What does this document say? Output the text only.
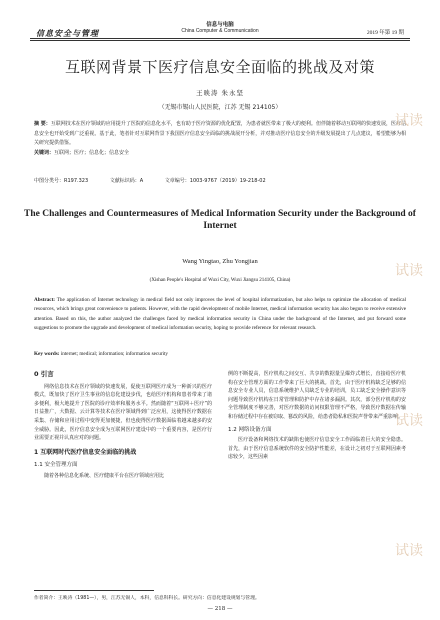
信息安全与管理
信息与电脑
China Computer & Communication	2019 年第 19 期
互联网背景下医疗信息安全面临的挑战及对策
王映涛 朱永坚
（无锡市锡山人民医院，江苏 无锡 214105）
摘 要：互联网技术在医疗领域的应用提升了医院的信息化水平，也有助于医疗资源的优化配置，为患者就医带来了极大的便利。但伴随着移动互联网的快速发展，医疗信息安全也开始受到广泛重视。基于此，笔者针对互联网背景下我国医疗信息安全面临的挑战展开分析，并对推动医疗信息安全的升级发展提出了几点建议，希望能够为相关研究提供借鉴。
关键词：互联网；医疗；信息化；信息安全
中图分类号：R197.323	文献标识码：A	文章编号：1003-9767（2019）19-218-02
The Challenges and Countermeasures of Medical Information Security under the Background of Internet
Wang Yingtao, Zhu Yongjian
(Xishan People's Hospital of Wuxi City, Wuxi Jiangsu 214105, China)
Abstract: The application of Internet technology in medical field not only improves the level of hospital informatization, but also helps to optimize the allocation of medical resources, which brings great convenience to patients. However, with the rapid development of mobile Internet, medical information security has also begun to receive extensive attention. Based on this, the author analyzed the challenges faced by medical information security in China under the background of the Internet, and put forward some suggestions to promote the upgrade and development of medical information security, hoping to provide reference for relevant research.
Key words: internet; medical; information; information security
0 引言

网络信息技术在医疗领域的快速发展，促使互联网医疗成为一种新兴的医疗模式，既加快了医疗卫生事业的信息化建设步伐，也给医疗机构和患者带来了诸多便利，极大地提升了医院的诊疗效率和服务水平。然而随着“互联网＋医疗”的日益推广，大数据、云计算等技术在医疗领域得到广泛应用，这使得医疗数据在采集、存储和应用过程中变得更加便捷，但也使得医疗数据面临着越来越多的安全威胁。因此，医疗信息安全成为互联网医疗建设中的一个重要内容，是医疗行业需要正视并认真应对的问题。

1 互联网时代医疗信息安全面临的挑战
1.1 安全管理方面

随着各种信息化系统、医疗健康平台在医疗领域应用比

例的不断提高，医疗机构之间交互、共享的数据量呈爆炸式增长，直接给医疗机构在安全管理方面的工作带来了巨大的挑战。首先，由于医疗机构缺乏足够的信息安全专业人员，信息系统维护人员缺乏专业的培训，员工缺乏安全操作意识等问题导致医疗机构在日常管理和防护中存在诸多漏洞。其次，部分医疗机构的安全管理制度不够完善，对医疗数据的访问权限管理不严格，导致医疗数据在传输和存储过程中存在被窃取、篡改的风险，给患者隐私和医院声誉带来严重影响。

1.2 网络设备方面

医疗设备和网络技术的缺陷也使医疗信息安全工作面临着巨大的安全隐患。首先，由于医疗信息系统软件的安全防护性能差，在设计之初对于互联网因素考虑较少，这些因素

试读
试读
试读
试读
作者简介：王映涛（1981—），男，江苏无锡人，本科，信息科科长。研究方向：信息化建设规划与管理。
— 218 —
